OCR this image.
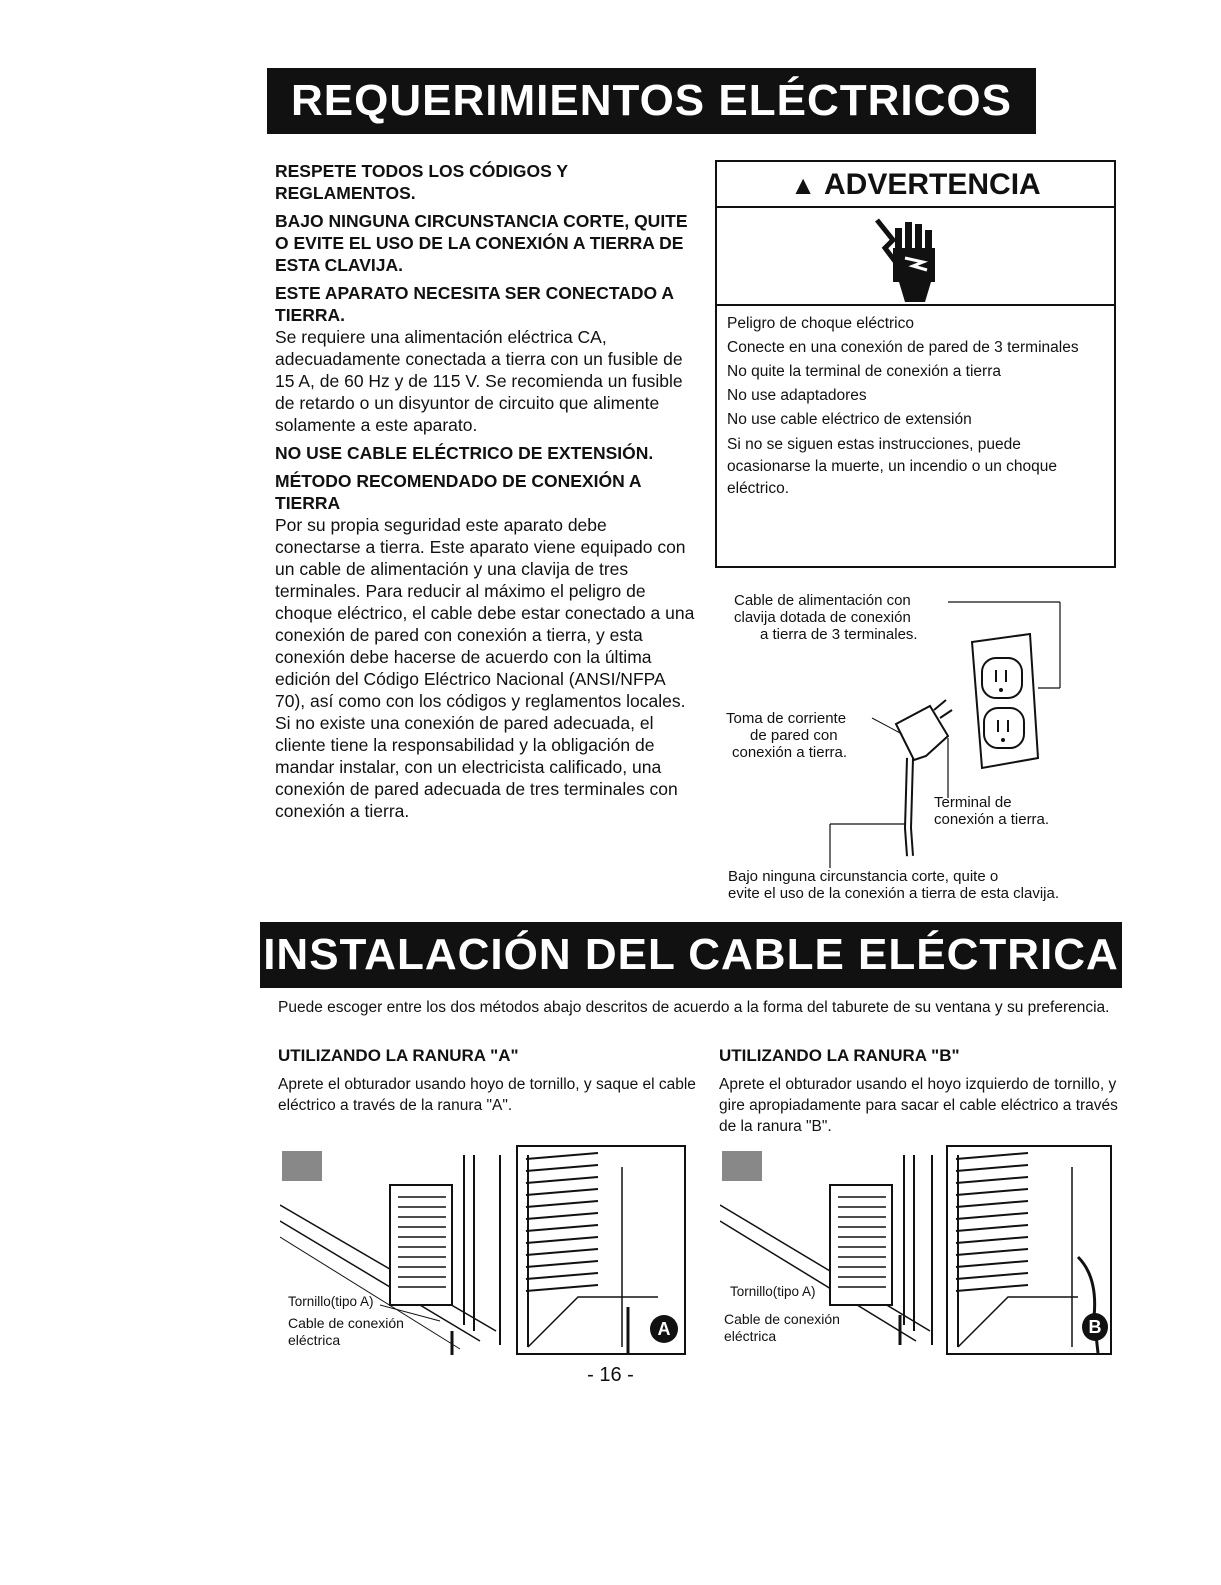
REQUERIMIENTOS ELÉCTRICOS
RESPETE TODOS LOS CÓDIGOS Y REGLAMENTOS.
BAJO NINGUNA CIRCUNSTANCIA CORTE, QUITE O EVITE EL USO DE LA CONEXIÓN A TIERRA DE ESTA CLAVIJA.
ESTE APARATO NECESITA SER CONECTADO A TIERRA.
Se requiere una alimentación eléctrica CA, adecuadamente conectada a tierra con un fusible de 15 A, de 60 Hz y de 115 V. Se recomienda un fusible de retardo o un disyuntor de circuito que alimente solamente a este aparato.
NO USE CABLE ELÉCTRICO DE EXTENSIÓN.
MÉTODO RECOMENDADO DE CONEXIÓN A TIERRA
Por su propia seguridad este aparato debe conectarse a tierra. Este aparato viene equipado con un cable de alimentación y una clavija de tres terminales. Para reducir al máximo el peligro de choque eléctrico, el cable debe estar conectado a una conexión de pared con conexión a tierra, y esta conexión debe hacerse de acuerdo con la última edición del Código Eléctrico Nacional (ANSI/NFPA 70), así como con los códigos y reglamentos locales. Si no existe una conexión de pared adecuada, el cliente tiene la responsabilidad y la obligación de mandar instalar, con un electricista calificado, una conexión de pared adecuada de tres terminales con conexión a tierra.
▲ ADVERTENCIA
Peligro de choque eléctrico
Conecte en una conexión de pared de 3 terminales
No quite la terminal de conexión a tierra
No use adaptadores
No use cable eléctrico de extensión
Si no se siguen estas instrucciones, puede ocasionarse la muerte, un incendio o un choque eléctrico.
Cable de alimentación con
clavija dotada de conexión
a tierra de 3 terminales.
Toma de corriente
de pared con
conexión a tierra.
Terminal de
conexión a tierra.
Bajo ninguna circunstancia corte, quite o
evite el uso de la conexión a tierra de esta clavija.
INSTALACIÓN DEL CABLE ELÉCTRICA
Puede escoger entre los dos métodos abajo descritos de acuerdo a la forma del taburete de su ventana y su preferencia.
UTILIZANDO LA RANURA "A"
Aprete el obturador usando hoyo de tornillo, y saque el cable eléctrico a través de la ranura "A".
UTILIZANDO LA RANURA "B"
Aprete el obturador usando el hoyo izquierdo de tornillo, y gire apropiadamente para sacar el cable eléctrico a través de la ranura "B".
Tornillo(tipo A)
Cable de conexión
eléctrica
A
Tornillo(tipo A)
Cable de conexión
eléctrica	B
- 16 -
